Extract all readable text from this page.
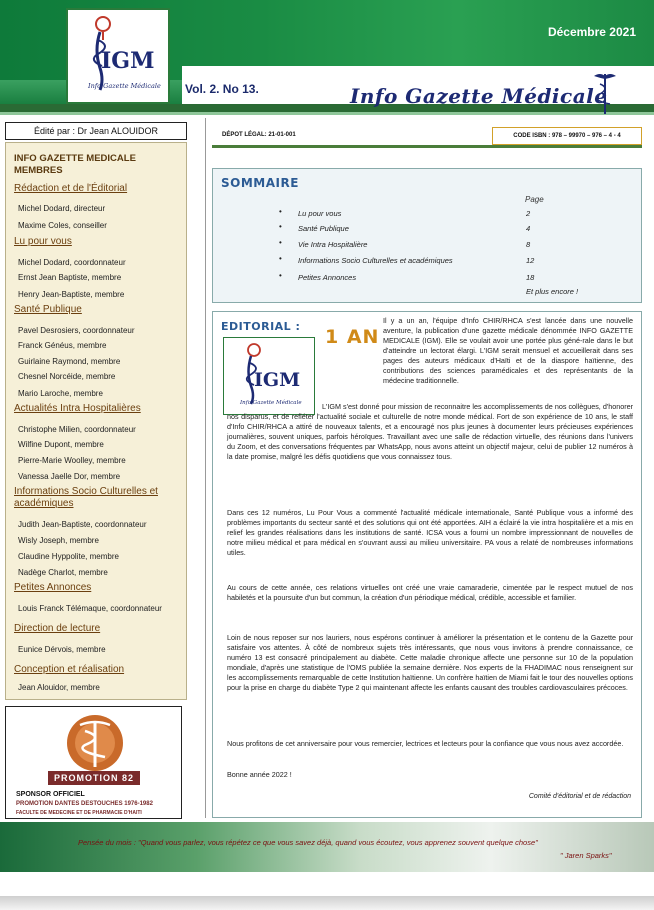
IGM
Info Gazette Médicale
Décembre 2021
Vol. 2. No 13.	Info Gazette Médicale
Édité par : Dr Jean ALOUIDOR
INFO GAZETTE MEDICALE MEMBRES
Rédaction et de l'Éditorial
Michel Dodard, directeur
Maxime Coles, conseiller
Lu pour vous
Michel Dodard, coordonnateur
Ernst Jean Baptiste, membre
Henry Jean-Baptiste, membre
Santé Publique
Pavel Desrosiers, coordonnateur
Franck Généus, membre
Guirlaine Raymond, membre
Chesnel Norcéide, membre
Mario Laroche, membre
Actualités Intra Hospitalières
Christophe Milien, coordonnateur
Wilfine Dupont, membre
Pierre-Marie Woolley, membre
Vanessa Jaelle Dor, membre
Informations Socio Culturelles et académiques
Judith Jean-Baptiste, coordonnateur
Wisly Joseph, membre
Claudine Hyppolite, membre
Nadège Charlot, membre
Petites Annonces
Louis Franck Télémaque, coordonnateur
Direction de lecture
Eunice Dérvois, membre
Conception et réalisation
Jean Alouidor, membre
PROMOTION 82
SPONSOR OFFICIEL
PROMOTION DANTES DESTOUCHES 1976-1982
FACULTE DE MEDECINE ET DE PHARMACIE D'HAITI
DÉPOT LÉGAL: 21-01-001	CODE ISBN : 978 – 99970 – 976 – 4 - 4
SOMMAIRE
Page
• Lu pour vous	2
• Santé Publique	4
• Vie Intra Hospitalière	8
• Informations Socio Culturelles et académiques	12
• Petites Annonces	18
Et plus encore !
EDITORIAL :
IGM
Info Gazette Médicale
1 AN

Il y a un an, l'équipe d'Info CHIR/RHCA s'est lancée dans une nouvelle aventure, la publication d'une gazette médicale dénommée INFO GAZETTE MEDICALE (IGM). Elle se voulait avoir une portée plus géné-rale dans le but d'atteindre un lectorat élargi. L'IGM serait mensuel et accueillerait dans ses pages des auteurs médicaux d'Haïti et de la diaspore haïtienne, des contributions des sciences paramédicales et des représentants de la médecine traditionnelle.

L'IGM s'est donné pour mission de reconnaitre les accomplissements de nos collègues, d'honorer nos disparus, et de refléter l'actualité sociale et culturelle de notre monde médical. Fort de son expérience de 10 ans, le staff d'Info CHIR/RHCA a attiré de nouveaux talents, et a encouragé nos plus jeunes à documenter leurs précieuses expériences journalières, souvent uniques, parfois héroïques. Travaillant avec une salle de rédaction virtuelle, des réunions dans l'univers du Zoom, et des conversations fréquentes par WhatsApp, nous avons atteint un objectif majeur, celui de publier 12 numéros à la date promise, malgré les défis quotidiens que vous connaissez tous.

Dans ces 12 numéros, Lu Pour Vous a commenté l'actualité médicale internationale, Santé Publique vous a informé des problèmes importants du secteur santé et des solutions qui ont été apportées. AIH a éclairé la vie intra hospitalière et a mis en relief les grandes réalisations dans les institutions de santé. ICSA vous a fourni un nombre impressionnant de nouvelles de notre milieu médical et para médical en s'ouvrant aussi au milieu universitaire. PA vous a relaté de nombreuses informations utiles.

Au cours de cette année, ces relations virtuelles ont créé une vraie camaraderie, cimentée par le respect mutuel de nos habiletés et la poursuite d'un but commun, la création d'un périodique médical, crédible, accessible et familier.

Loin de nous reposer sur nos lauriers, nous espérons continuer à améliorer la présentation et le contenu de la Gazette pour satisfaire vos attentes. À côté de nombreux sujets très intéressants, que nous vous invitons à prendre connaissance, ce numéro 13 est consacré principalement au diabète. Cette maladie chronique affecte une personne sur 10 de la population mondiale, d'après une statistique de l'OMS publiée la semaine dernière. Nos experts de la FHADIMAC nous renseignent sur les accomplissements remarquable de cette Institution haïtienne. Un confrère haïtien de Miami fait le tour des nouvelles options pour la prise en charge du diabète Type 2 qui maintenant affecte les enfants causant des troubles cardiovasculaires précoces.

Nous profitons de cet anniversaire pour vous remercier, lectrices et lecteurs pour la confiance que vous nous avez accordée.

Bonne année 2022 !

Comité d'éditorial et de rédaction
Pensée du mois : "Quand vous parlez, vous répétez ce que vous savez déjà, quand vous écoutez, vous apprenez souvent quelque chose"
" Jaren Sparks"
